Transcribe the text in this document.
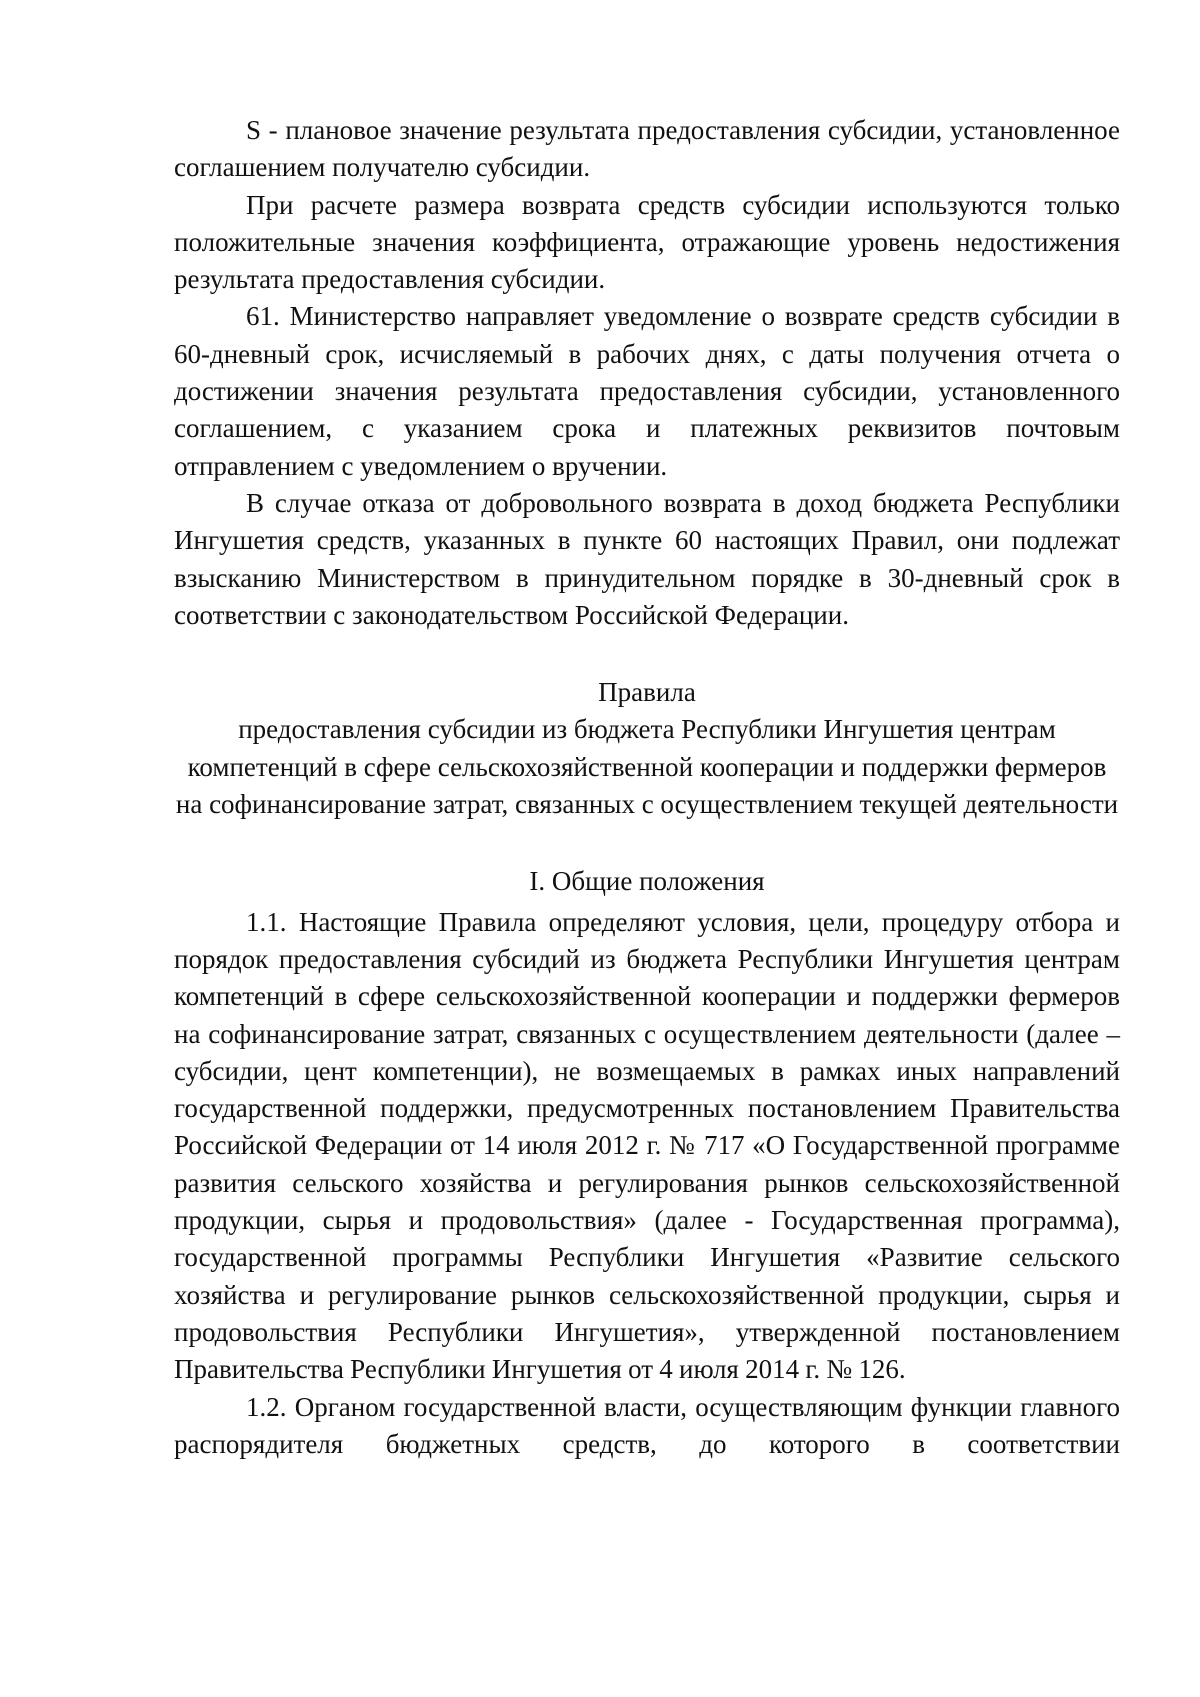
S - плановое значение результата предоставления субсидии, установленное соглашением получателю субсидии.

При расчете размера возврата средств субсидии используются только положительные значения коэффициента, отражающие уровень недостижения результата предоставления субсидии.

61. Министерство направляет уведомление о возврате средств субсидии в 60-дневный срок, исчисляемый в рабочих днях, с даты получения отчета о достижении значения результата предоставления субсидии, установленного соглашением, с указанием срока и платежных реквизитов почтовым отправлением с уведомлением о вручении.

В случае отказа от добровольного возврата в доход бюджета Республики Ингушетия средств, указанных в пункте 60 настоящих Правил, они подлежат взысканию Министерством в принудительном порядке в 30-дневный срок в соответствии с законодательством Российской Федерации.

Правила

предоставления субсидии из бюджета Республики Ингушетия центрам компетенций в сфере сельскохозяйственной кооперации и поддержки фермеров на софинансирование затрат, связанных с осуществлением текущей деятельности

I. Общие положения

1.1. Настоящие Правила определяют условия, цели, процедуру отбора и порядок предоставления субсидий из бюджета Республики Ингушетия центрам компетенций в сфере сельскохозяйственной кооперации и поддержки фермеров на софинансирование затрат, связанных с осуществлением деятельности (далее – субсидии, цент компетенции), не возмещаемых в рамках иных направлений государственной поддержки, предусмотренных постановлением Правительства Российской Федерации от 14 июля 2012 г. № 717 «О Государственной программе развития сельского хозяйства и регулирования рынков сельскохозяйственной продукции, сырья и продовольствия» (далее - Государственная программа), государственной программы Республики Ингушетия «Развитие сельского хозяйства и регулирование рынков сельскохозяйственной продукции, сырья и продовольствия Республики Ингушетия», утвержденной постановлением Правительства Республики Ингушетия от 4 июля 2014 г. № 126.

1.2. Органом государственной власти, осуществляющим функции главного распорядителя бюджетных средств, до которого в соответствии
